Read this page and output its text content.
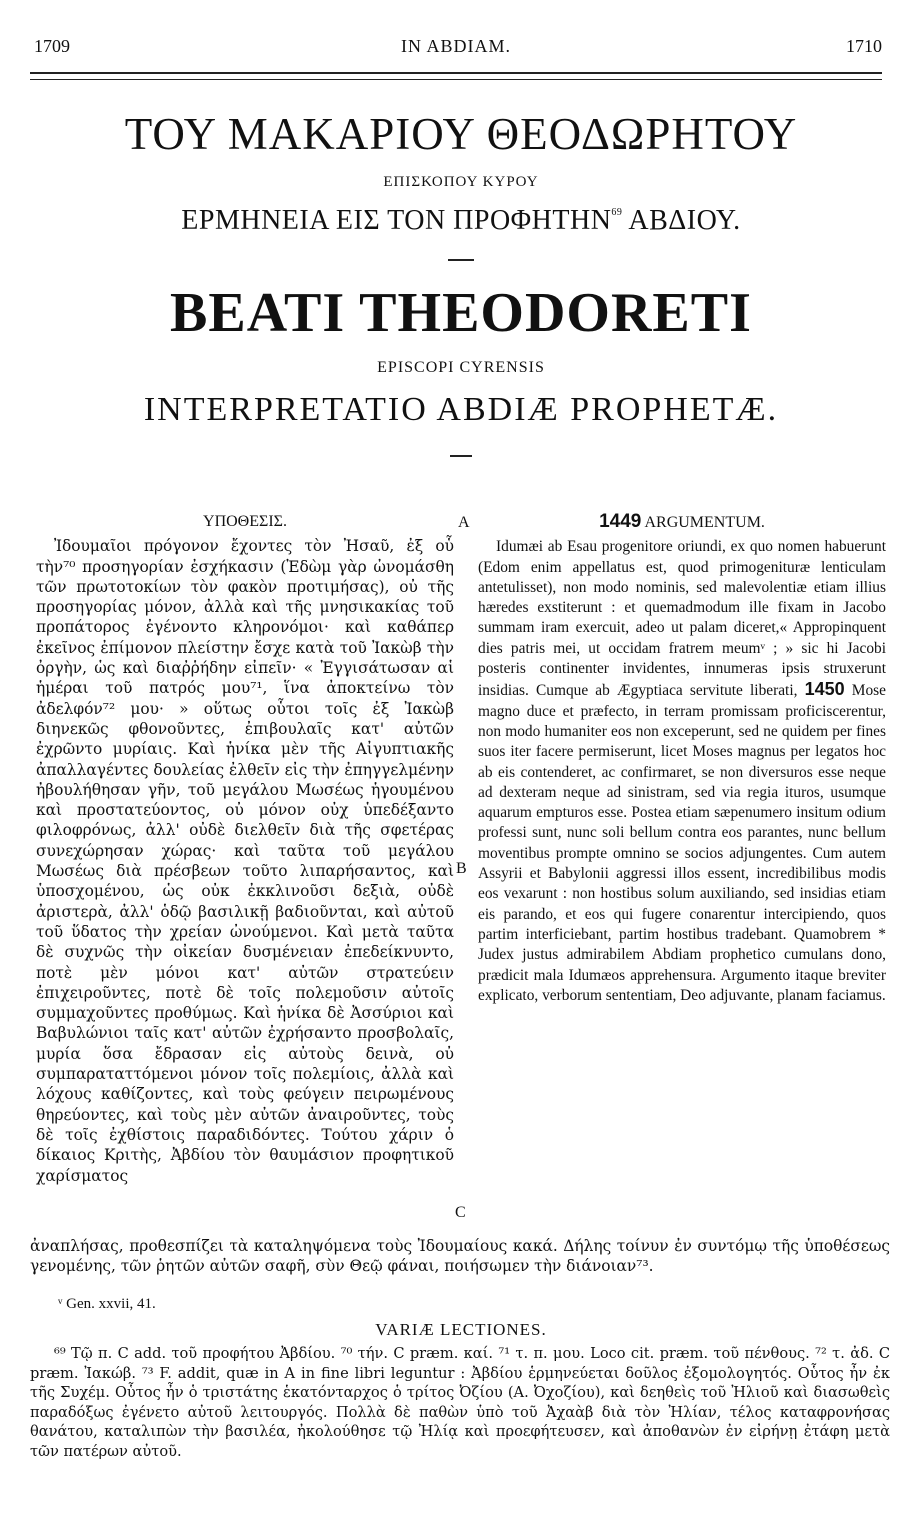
1709	IN ABDIAM.	1710
ΤΟΥ ΜΑΚΑΡΙΟΥ ΘΕΟΔΩΡΗΤΟΥ
ΕΠΙΣΚΟΠΟΥ ΚΥΡΟΥ
ΕΡΜΗΝΕΙΑ ΕΙΣ ΤΟΝ ΠΡΟΦΗΤΗΝ$^{69}$ ΑΒΔΙΟΥ.
BEATI THEODORETI
EPISCOPI CYRENSIS
INTERPRETATIO ABDIÆ PROPHETÆ.
ΥΠΟΘΕΣΙΣ.

Ἰδουμαῖοι πρόγονον ἔχοντες τὸν Ἠσαῦ, ἐξ οὗ τὴν⁷⁰ προσηγορίαν ἐσχήκασιν (Ἐδὼμ γὰρ ὠνομάσθη τῶν πρωτοτοκίων τὸν φακὸν προτιμήσας), οὐ τῆς προσηγορίας μόνον, ἀλλὰ καὶ τῆς μνησικακίας τοῦ προπάτορος ἐγένοντο κληρονόμοι· καὶ καθάπερ ἐκεῖνος ἐπίμονον πλείστην ἔσχε κατὰ τοῦ Ἰακὼβ τὴν ὀργὴν, ὡς καὶ διαῤῥήδην εἰπεῖν· « Ἐγγισάτωσαν αἱ ἡμέραι τοῦ πατρός μου⁷¹, ἵνα ἀποκτείνω τὸν ἀδελφόν⁷² μου· » οὕτως οὗτοι τοῖς ἐξ Ἰακὼβ διηνεκῶς φθονοῦντες, ἐπιβουλαῖς κατ' αὐτῶν ἐχρῶντο μυρίαις. Καὶ ἡνίκα μὲν τῆς Αἰγυπτιακῆς ἀπαλλαγέντες δουλείας ἐλθεῖν εἰς τὴν ἐπηγγελμένην ἠβουλήθησαν γῆν, τοῦ μεγάλου Μωσέως ἡγουμένου καὶ προστατεύοντος, οὐ μόνον οὐχ ὑπεδέξαντο φιλοφρόνως, ἀλλ' οὐδὲ διελθεῖν διὰ τῆς σφετέρας συνεχώρησαν χώρας· καὶ ταῦτα τοῦ μεγάλου Μωσέως διὰ πρέσβεων τοῦτο λιπαρήσαντος, καὶ ὑποσχομένου, ὡς οὐκ ἐκκλινοῦσι δεξιὰ, οὐδὲ ἀριστερὰ, ἀλλ' ὁδῷ βασιλικῇ βαδιοῦνται, καὶ αὐτοῦ τοῦ ὕδατος τὴν χρείαν ὠνούμενοι. Καὶ μετὰ ταῦτα δὲ συχνῶς τὴν οἰκείαν δυσμένειαν ἐπεδείκνυντο, ποτὲ μὲν μόνοι κατ' αὐτῶν στρατεύειν ἐπιχειροῦντες, ποτὲ δὲ τοῖς πολεμοῦσιν αὐτοῖς συμμαχοῦντες προθύμως. Καὶ ἡνίκα δὲ Ἀσσύριοι καὶ Βαβυλώνιοι ταῖς κατ' αὐτῶν ἐχρήσαντο προσβολαῖς, μυρία ὅσα ἔδρασαν εἰς αὐτοὺς δεινὰ, οὐ συμπαραταττόμενοι μόνον τοῖς πολεμίοις, ἀλλὰ καὶ λόχους καθίζοντες, καὶ τοὺς φεύγειν πειρωμένους θηρεύοντες, καὶ τοὺς μὲν αὐτῶν ἀναιροῦντες, τοὺς δὲ τοῖς ἐχθίστοις παραδιδόντες. Τούτου χάριν ὁ δίκαιος Κριτὴς, Ἀβδίου τὸν θαυμάσιον προφητικοῦ χαρίσματος

1449 ARGUMENTUM.

Idumæi ab Esau progenitore oriundi, ex quo nomen habuerunt (Edom enim appellatus est, quod primogenituræ lenticulam antetulisset), non modo nominis, sed malevolentiæ etiam illius hæredes exstiterunt : et quemadmodum ille fixam in Jacobo summam iram exercuit, adeo ut palam diceret,« Appropinquent dies patris mei, ut occidam fratrem meumᵛ ; » sic hi Jacobi posteris continenter invidentes, innumeras ipsis struxerunt insidias. Cumque ab Ægyptiaca servitute liberati, 1450 Mose magno duce et præfecto, in terram promissam proficiscerentur, non modo humaniter eos non exceperunt, sed ne quidem per fines suos iter facere permiserunt, licet Moses magnus per legatos hoc ab eis contenderet, ac confirmaret, se non diversuros esse neque ad dexteram neque ad sinistram, sed via regia ituros, usumque aquarum empturos esse. Postea etiam sæpenumero insitum odium professi sunt, nunc soli bellum contra eos parantes, nunc bellum moventibus prompte omnino se socios adjungentes. Cum autem Assyrii et Babylonii aggressi illos essent, incredibilibus modis eos vexarunt : non hostibus solum auxiliando, sed insidias etiam eis parando, et eos qui fugere conarentur intercipiendo, quos partim interficiebant, partim hostibus tradebant. Quamobrem * Judex justus admirabilem Abdiam prophetico cumulans dono, prædicit mala Idumæos apprehensura. Argumento itaque breviter explicato, verborum sententiam, Deo adjuvante, planam faciamus.

A
B
C
ἀναπλήσας, προθεσπίζει τὰ καταληψόμενα τοὺς Ἰδουμαίους κακά. Δήλης τοίνυν ἐν συντόμῳ τῆς ὑποθέσεως γενομένης, τῶν ῥητῶν αὐτῶν σαφῆ, σὺν Θεῷ φάναι, ποιήσωμεν τὴν διάνοιαν⁷³.
ᵛ Gen. xxvii, 41.
VARIÆ LECTIONES.
⁶⁹ Τῷ π. C add. τοῦ προφήτου Ἀβδίου. ⁷⁰ τήν. C præm. καί. ⁷¹ τ. π. μου. Loco cit. præm. τοῦ πένθους. ⁷² τ. ἀδ. C præm. Ἰακώβ. ⁷³ F. addit, quæ in A in fine libri leguntur : Ἀβδίου ἑρμηνεύεται δοῦλος ἐξομολογητός. Οὗτος ἦν ἐκ τῆς Συχέμ. Οὗτος ἦν ὁ τριστάτης ἑκατόνταρχος ὁ τρίτος Ὀζίου (Α. Ὀχοζίου), καὶ δεηθεὶς τοῦ Ἠλιοῦ καὶ διασωθεὶς παραδόξως ἐγένετο αὐτοῦ λειτουργός. Πολλὰ δὲ παθὼν ὑπὸ τοῦ Ἀχαὰβ διὰ τὸν Ἠλίαν, τέλος καταφρονήσας θανάτου, καταλιπὼν τὴν βασιλέα, ἠκολούθησε τῷ Ἠλίᾳ καὶ προεφήτευσεν, καὶ ἀποθανὼν ἐν εἰρήνῃ ἐτάφη μετὰ τῶν πατέρων αὐτοῦ.
